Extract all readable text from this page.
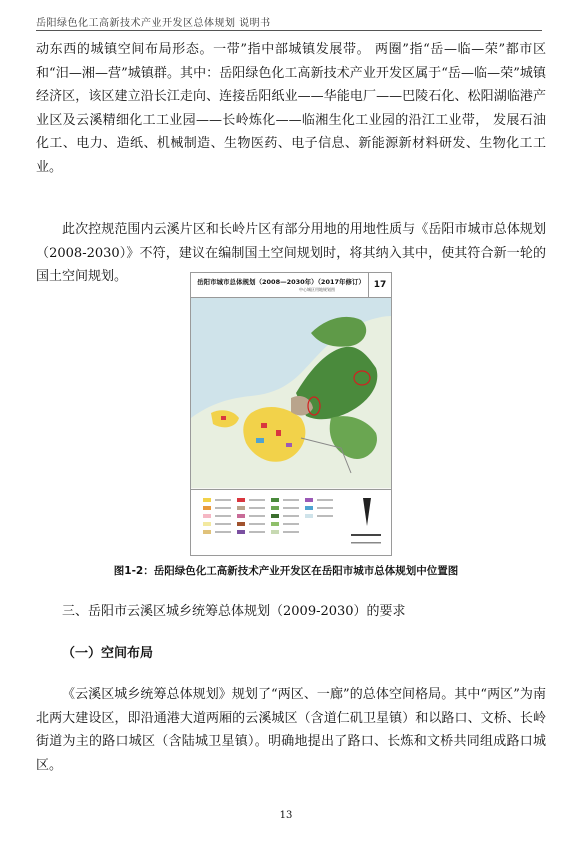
岳阳绿色化工高新技术产业开发区总体规划 说明书
动东西的城镇空间布局形态。一带”指中部城镇发展带。 两圈”指“岳—临—荣”都市区和“汨—湘—营”城镇群。其中：岳阳绿色化工高新技术产业开发区属于“岳—临—荣”城镇经济区，该区建立沿长江走向、连接岳阳纸业——华能电厂——巴陵石化、松阳湖临港产业区及云溪精细化工工业园——长岭炼化——临湘生化工业园的沿江工业带， 发展石油化工、电力、造纸、机械制造、生物医药、电子信息、新能源新材料研发、生物化工工业。
此次控规范围内云溪片区和长岭片区有部分用地的用地性质与《岳阳市城市总体规划（2008-2030）》不符，建议在编制国土空间规划时，将其纳入其中，使其符合新一轮的国土空间规划。	岳阳市城市总体规划（2008—2030年）（2017年修订）
中心城区用地规划图	17
图1-2：岳阳绿色化工高新技术产业开发区在岳阳市城市总体规划中位置图
三、岳阳市云溪区城乡统筹总体规划（2009-2030）的要求
（一）空间布局
《云溪区城乡统筹总体规划》规划了“两区、一廊”的总体空间格局。其中“两区”为南北两大建设区，即沿通港大道两厢的云溪城区（含道仁矶卫星镇）和以路口、文桥、长岭街道为主的路口城区（含陆城卫星镇）。明确地提出了路口、长炼和文桥共同组成路口城区。
13
